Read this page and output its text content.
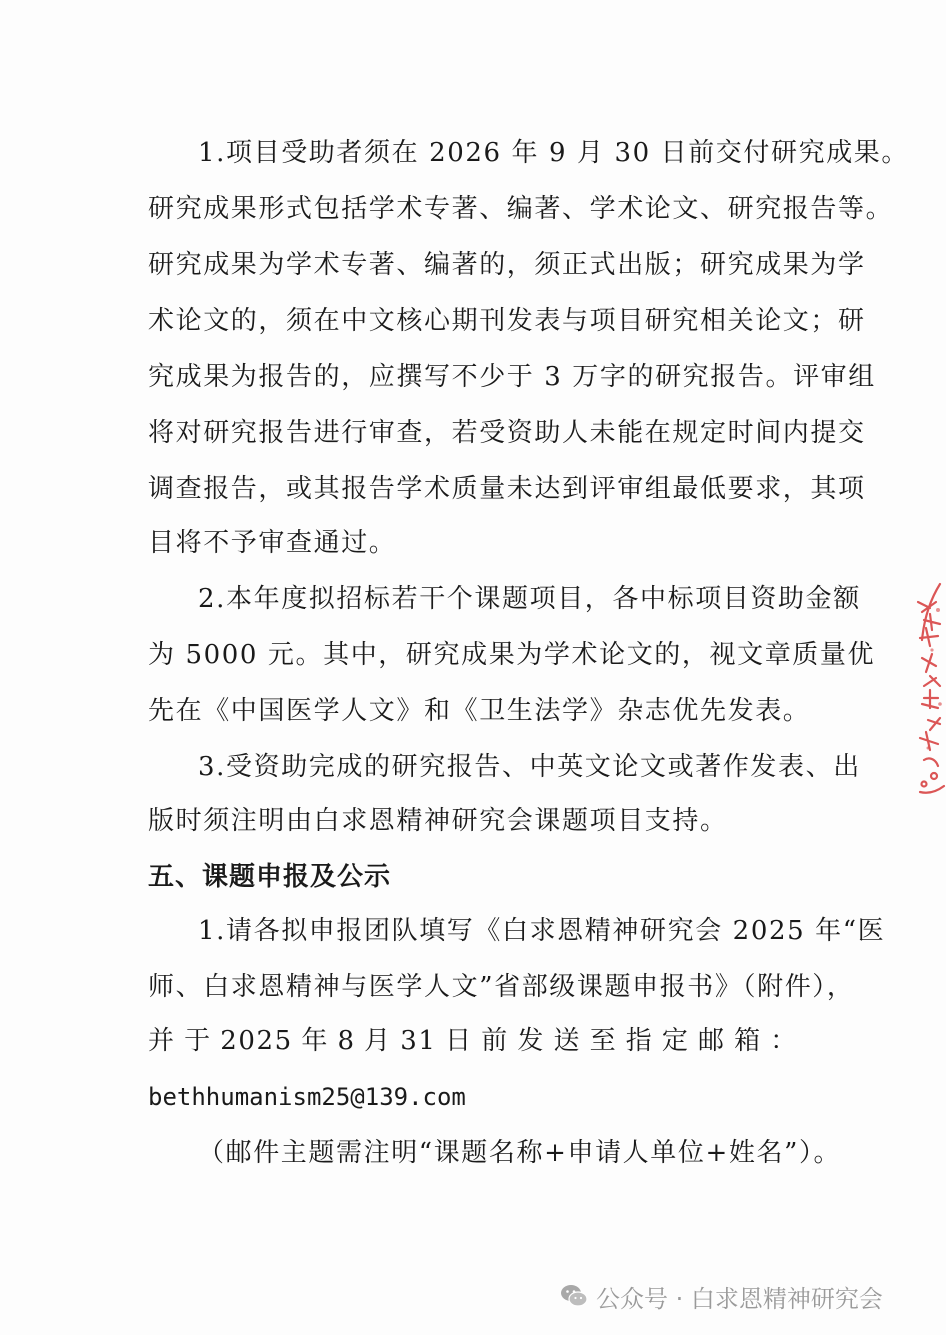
1.项目受助者须在 2026 年 9 月 30 日前交付研究成果。
研究成果形式包括学术专著、编著、学术论文、研究报告等。
研究成果为学术专著、编著的，须正式出版；研究成果为学
术论文的，须在中文核心期刊发表与项目研究相关论文；研
究成果为报告的，应撰写不少于 3 万字的研究报告。评审组
将对研究报告进行审查，若受资助人未能在规定时间内提交
调查报告，或其报告学术质量未达到评审组最低要求，其项
目将不予审查通过。
2.本年度拟招标若干个课题项目，各中标项目资助金额
为 5000 元。其中，研究成果为学术论文的，视文章质量优
先在《中国医学人文》和《卫生法学》杂志优先发表。
3.受资助完成的研究报告、中英文论文或著作发表、出
版时须注明由白求恩精神研究会课题项目支持。
五、课题申报及公示
1.请各拟申报团队填写《白求恩精神研究会 2025 年“医
师、白求恩精神与医学人文”省部级课题申报书》（附件），
并 于 2025 年 8 月 31 日 前 发 送 至 指 定 邮 箱 ：
bethhumanism25@139.com
（邮件主题需注明“课题名称+申请人单位+姓名”）。
公众号 · 白求恩精神研究会
